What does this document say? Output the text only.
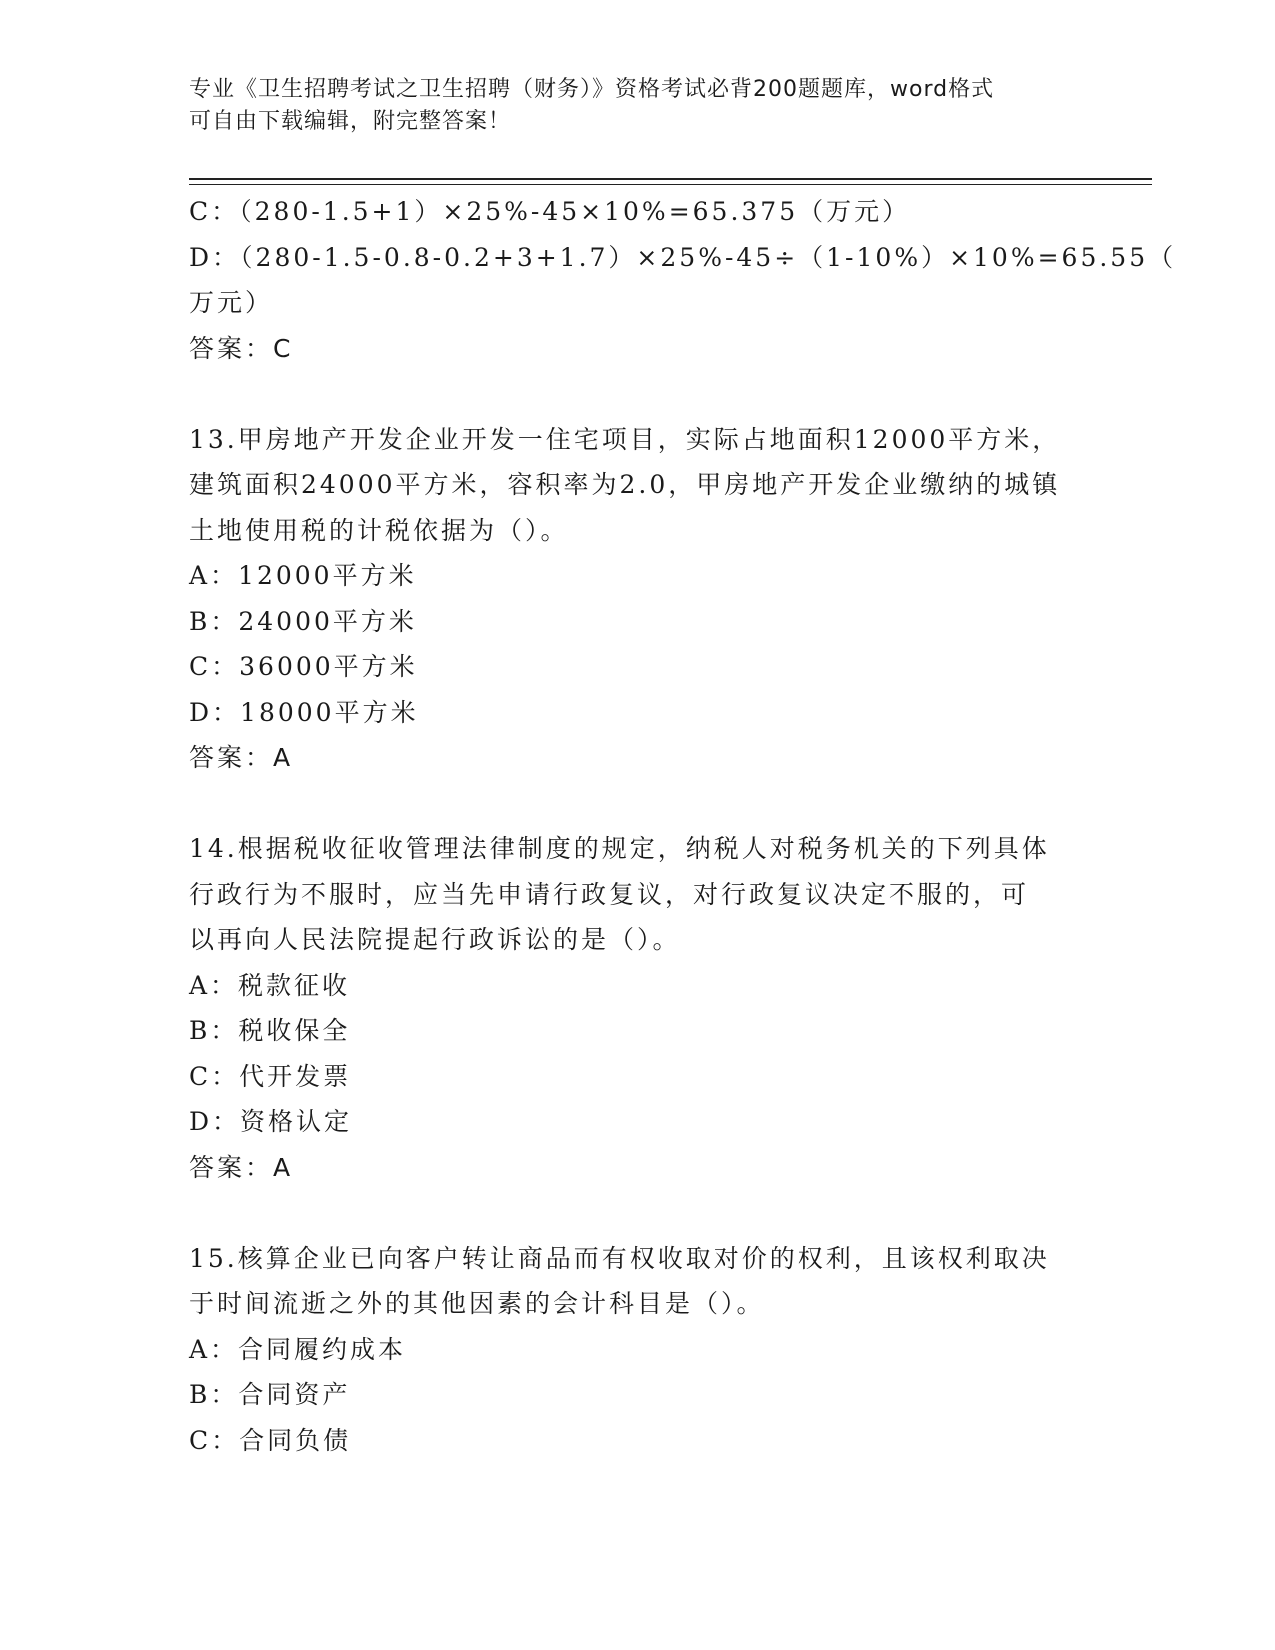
专业《卫生招聘考试之卫生招聘（财务）》资格考试必背200题题库，word格式
可自由下载编辑，附完整答案！
C：（280-1.5+1）×25%-45×10%=65.375（万元）
D：（280-1.5-0.8-0.2+3+1.7）×25%-45÷（1-10%）×10%=65.55（
万元）
答案：C
13.甲房地产开发企业开发一住宅项目，实际占地面积12000平方米，
建筑面积24000平方米，容积率为2.0，甲房地产开发企业缴纳的城镇
土地使用税的计税依据为（）。
A：12000平方米
B：24000平方米
C：36000平方米
D：18000平方米
答案：A
14.根据税收征收管理法律制度的规定，纳税人对税务机关的下列具体
行政行为不服时，应当先申请行政复议，对行政复议决定不服的，可
以再向人民法院提起行政诉讼的是（）。
A：税款征收
B：税收保全
C：代开发票
D：资格认定
答案：A
15.核算企业已向客户转让商品而有权收取对价的权利，且该权利取决
于时间流逝之外的其他因素的会计科目是（）。
A：合同履约成本
B：合同资产
C：合同负债
